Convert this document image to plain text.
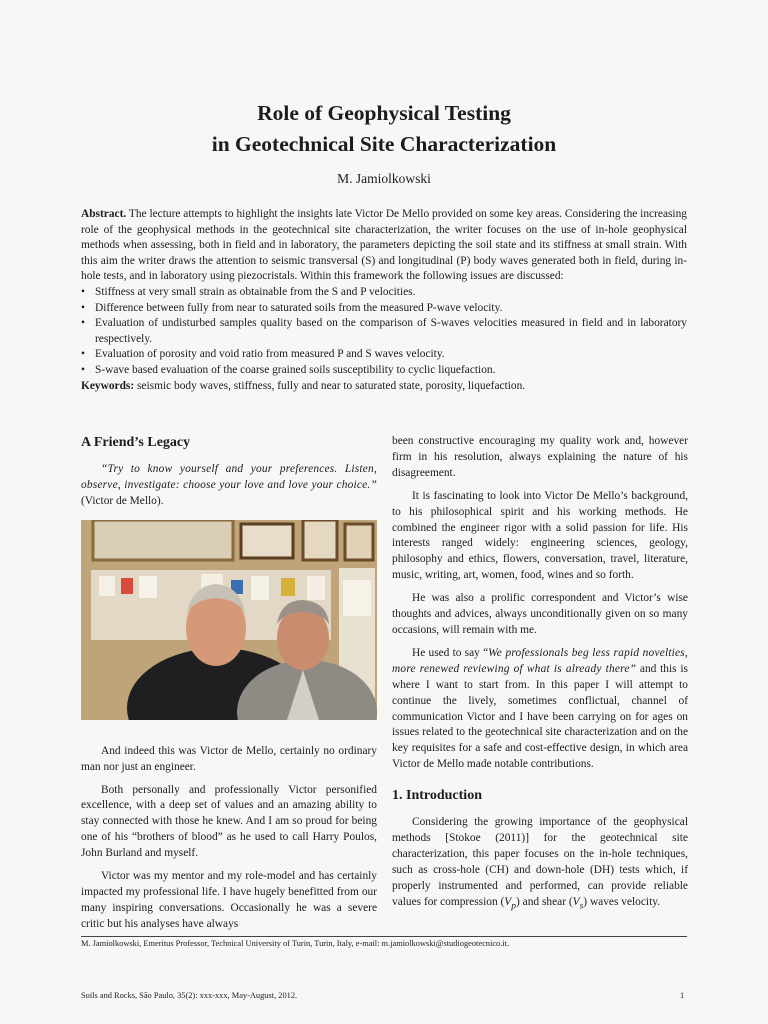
Role of Geophysical Testing
in Geotechnical Site Characterization
M. Jamiolkowski

Abstract. The lecture attempts to highlight the insights late Victor De Mello provided on some key areas. Considering the increasing role of the geophysical methods in the geotechnical site characterization, the writer focuses on the use of in-hole geophysical methods when assessing, both in field and in laboratory, the parameters depicting the soil state and its stiffness at small strain. With this aim the writer draws the attention to seismic transversal (S) and longitudinal (P) body waves generated both in field, during in-hole tests, and in laboratory using piezocristals. Within this framework the following issues are discussed:

• Stiffness at very small strain as obtainable from the S and P velocities.
• Difference between fully from near to saturated soils from the measured P-wave velocity.
• Evaluation of undisturbed samples quality based on the comparison of S-waves velocities measured in field and in laboratory respectively.
• Evaluation of porosity and void ratio from measured P and S waves velocity.
• S-wave based evaluation of the coarse grained soils susceptibility to cyclic liquefaction.

Keywords: seismic body waves, stiffness, fully and near to saturated state, porosity, liquefaction.

A Friend’s Legacy

“Try to know yourself and your preferences. Listen, observe, investigate: choose your love and love your choice.” (Victor de Mello).

And indeed this was Victor de Mello, certainly no ordinary man nor just an engineer.

Both personally and professionally Victor personified excellence, with a deep set of values and an amazing ability to stay connected with those he knew. And I am so proud for being one of his “brothers of blood” as he used to call Harry Poulos, John Burland and myself.

Victor was my mentor and my role-model and has certainly impacted my professional life. I have hugely benefitted from our many inspiring conversations. Occasionally he was a severe critic but his analyses have always

been constructive encouraging my quality work and, however firm in his resolution, always explaining the nature of his disagreement.

It is fascinating to look into Victor De Mello’s background, to his philosophical spirit and his working methods. He combined the engineer rigor with a solid passion for life. His interests ranged widely: engineering sciences, geology, philosophy and ethics, flowers, conversation, travel, literature, music, writing, art, women, food, wines and so forth.

He was also a prolific correspondent and Victor’s wise thoughts and advices, always unconditionally given on so many occasions, will remain with me.

He used to say “We professionals beg less rapid novelties, more renewed reviewing of what is already there” and this is where I want to start from. In this paper I will attempt to continue the lively, sometimes conflictual, channel of communication Victor and I have been carrying on for ages on issues related to the geotechnical site characterization and on the key requisites for a safe and cost-effective design, in which area Victor de Mello made notable contributions.

1. Introduction

Considering the growing importance of the geophysical methods [Stokoe (2011)] for the geotechnical site characterization, this paper focuses on the in-hole techniques, such as cross-hole (CH) and down-hole (DH) tests which, if properly instrumented and performed, can provide reliable values for compression $(V_p)$ and shear $(V_s)$ waves velocity.

M. Jamiolkowski, Emeritus Professor, Technical University of Turin, Turin, Italy, e-mail: m.jamiolkowski@studiogeotecnico.it.
Soils and Rocks, São Paulo, 35(2): xxx-xxx, May-August, 2012.	1
